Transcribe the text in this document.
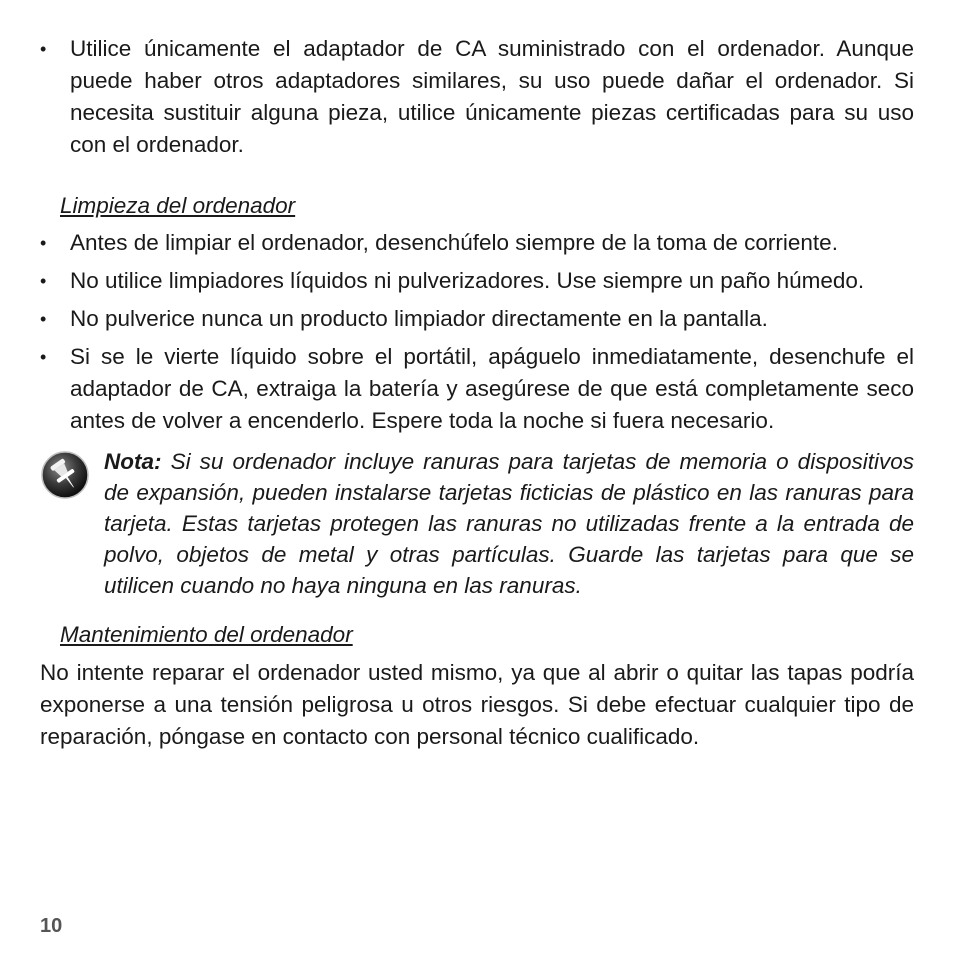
•	Utilice únicamente el adaptador de CA suministrado con el ordenador. Aunque puede haber otros adaptadores similares, su uso puede dañar el ordenador. Si necesita sustituir alguna pieza, utilice únicamente piezas certificadas para su uso con el ordenador.

Limpieza del ordenador

•	Antes de limpiar el ordenador, desenchúfelo siempre de la toma de corriente.
•	No utilice limpiadores líquidos ni pulverizadores. Use siempre un paño húmedo.
•	No pulverice nunca un producto limpiador directamente en la pantalla.
•	Si se le vierte líquido sobre el portátil, apáguelo inmediatamente, desenchufe el adaptador de CA, extraiga la batería y asegúrese de que está completamente seco antes de volver a encenderlo. Espere toda la noche si fuera necesario.
Nota: Si su ordenador incluye ranuras para tarjetas de memoria o dispositivos de expansión, pueden instalarse tarjetas ficticias de plástico en las ranuras para tarjeta. Estas tarjetas protegen las ranuras no utilizadas frente a la entrada de polvo, objetos de metal y otras partículas. Guarde las tarjetas para que se utilicen cuando no haya ninguna en las ranuras.

Mantenimiento del ordenador

No intente reparar el ordenador usted mismo, ya que al abrir o quitar las tapas podría exponerse a una tensión peligrosa u otros riesgos. Si debe efectuar cualquier tipo de reparación, póngase en contacto con personal técnico cualificado.

10
